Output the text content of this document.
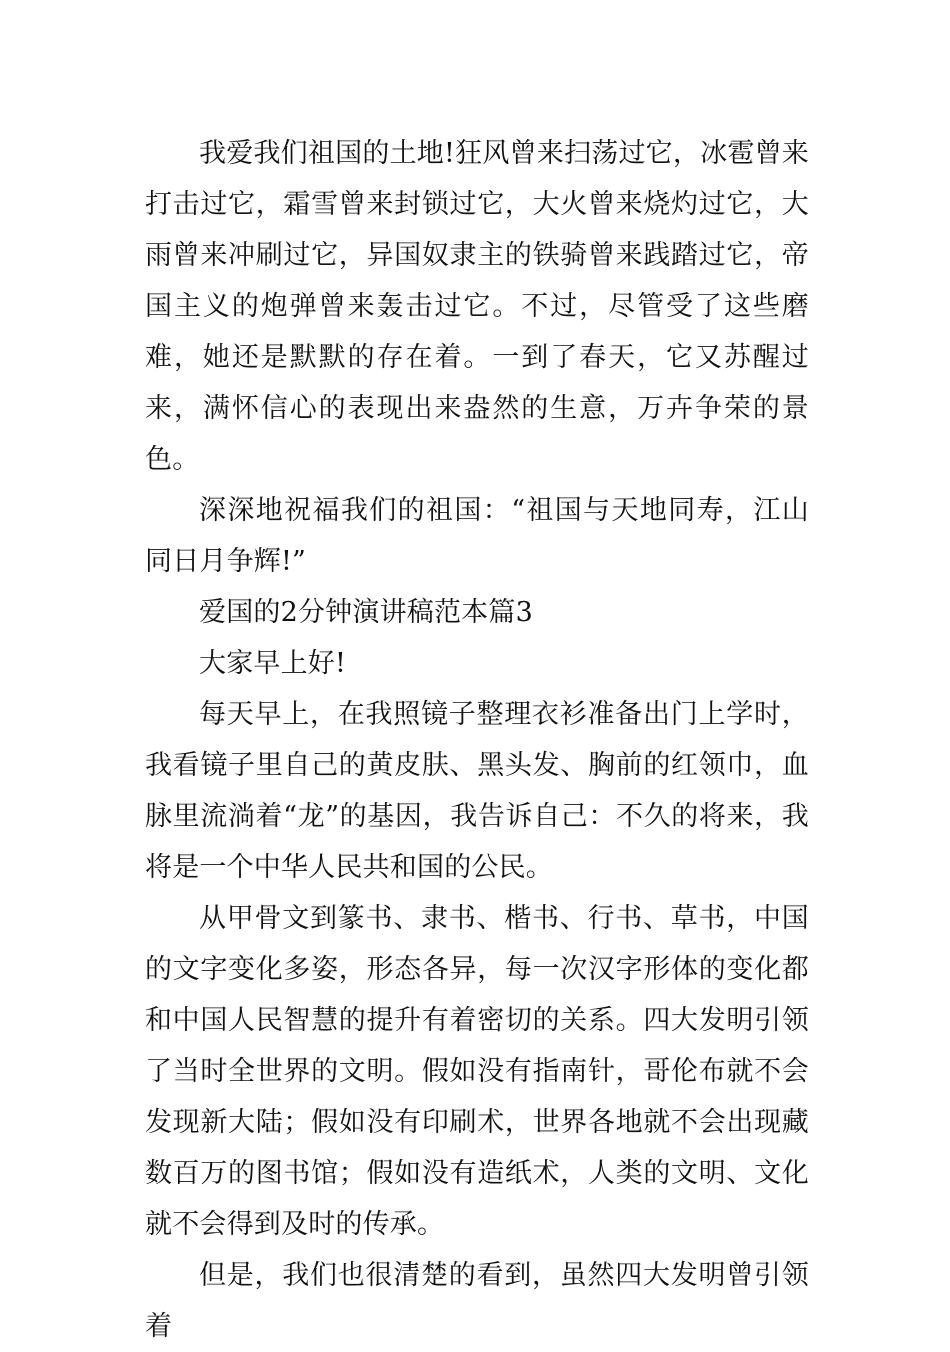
我爱我们祖国的土地!狂风曾来扫荡过它，冰雹曾来打击过它，霜雪曾来封锁过它，大火曾来烧灼过它，大雨曾来冲刷过它，异国奴隶主的铁骑曾来践踏过它，帝国主义的炮弹曾来轰击过它。不过，尽管受了这些磨难，她还是默默的存在着。一到了春天，它又苏醒过来，满怀信心的表现出来盎然的生意，万卉争荣的景色。

深深地祝福我们的祖国：“祖国与天地同寿，江山同日月争辉!”

爱国的2分钟演讲稿范本篇3

大家早上好!

每天早上，在我照镜子整理衣衫准备出门上学时，我看镜子里自己的黄皮肤、黑头发、胸前的红领巾，血脉里流淌着“龙”的基因，我告诉自己：不久的将来，我将是一个中华人民共和国的公民。

从甲骨文到篆书、隶书、楷书、行书、草书，中国的文字变化多姿，形态各异，每一次汉字形体的变化都和中国人民智慧的提升有着密切的关系。四大发明引领了当时全世界的文明。假如没有指南针，哥伦布就不会发现新大陆；假如没有印刷术，世界各地就不会出现藏数百万的图书馆；假如没有造纸术，人类的文明、文化就不会得到及时的传承。

但是，我们也很清楚的看到，虽然四大发明曾引领着
